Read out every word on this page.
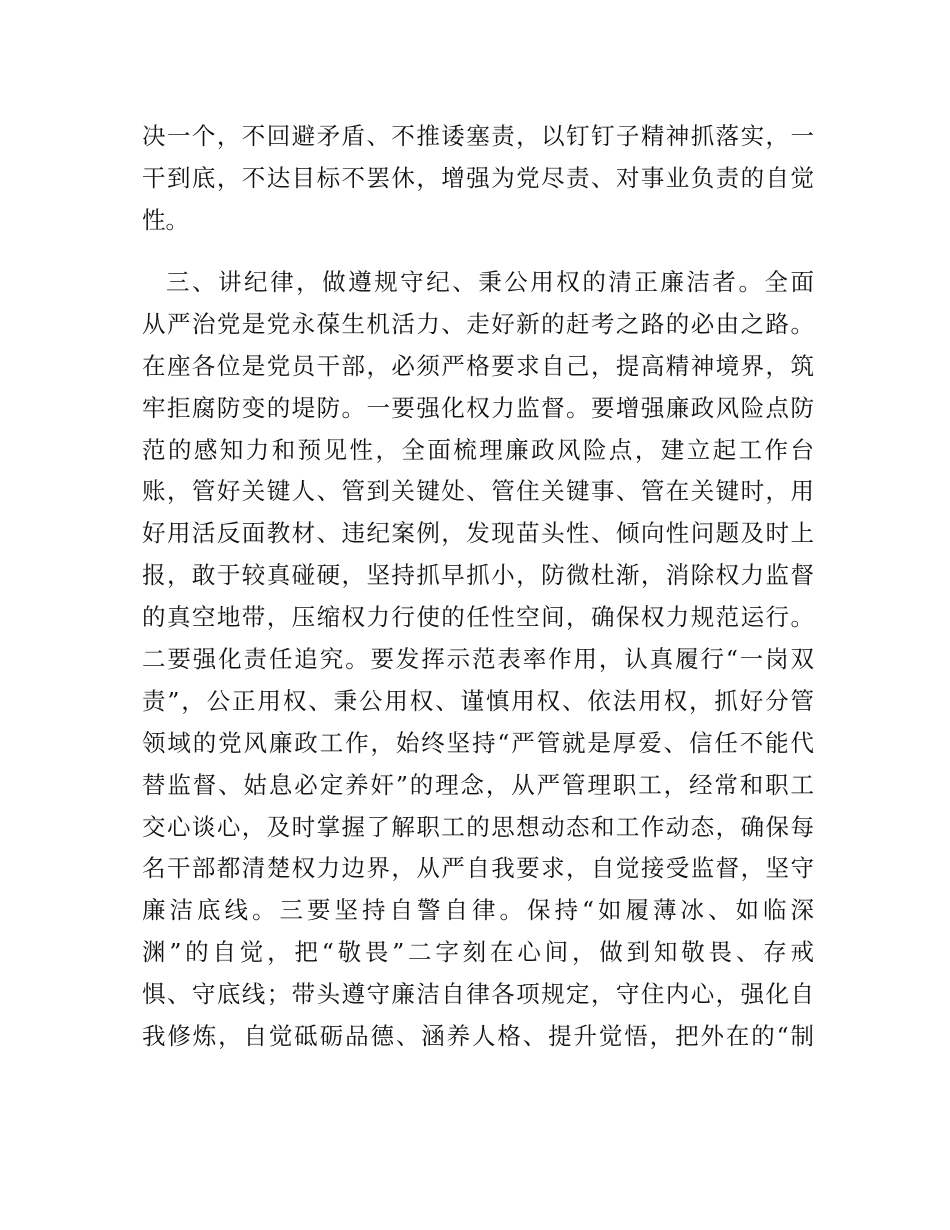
决一个，不回避矛盾、不推诿塞责，以钉钉子精神抓落实，一
干到底，不达目标不罢休，增强为党尽责、对事业负责的自觉
性。
三、讲纪律，做遵规守纪、秉公用权的清正廉洁者。全面
从严治党是党永葆生机活力、走好新的赶考之路的必由之路。
在座各位是党员干部，必须严格要求自己，提高精神境界，筑
牢拒腐防变的堤防。一要强化权力监督。要增强廉政风险点防
范的感知力和预见性，全面梳理廉政风险点，建立起工作台
账，管好关键人、管到关键处、管住关键事、管在关键时，用
好用活反面教材、违纪案例，发现苗头性、倾向性问题及时上
报，敢于较真碰硬，坚持抓早抓小，防微杜渐，消除权力监督
的真空地带，压缩权力行使的任性空间，确保权力规范运行。
二要强化责任追究。要发挥示范表率作用，认真履行“一岗双
责”，公正用权、秉公用权、谨慎用权、依法用权，抓好分管
领域的党风廉政工作，始终坚持“严管就是厚爱、信任不能代
替监督、姑息必定养奸”的理念，从严管理职工，经常和职工
交心谈心，及时掌握了解职工的思想动态和工作动态，确保每
名干部都清楚权力边界，从严自我要求，自觉接受监督，坚守
廉洁底线。三要坚持自警自律。保持“如履薄冰、如临深
渊”的自觉，把“敬畏”二字刻在心间，做到知敬畏、存戒
惧、守底线；带头遵守廉洁自律各项规定，守住内心，强化自
我修炼，自觉砥砺品德、涵养人格、提升觉悟，把外在的“制
